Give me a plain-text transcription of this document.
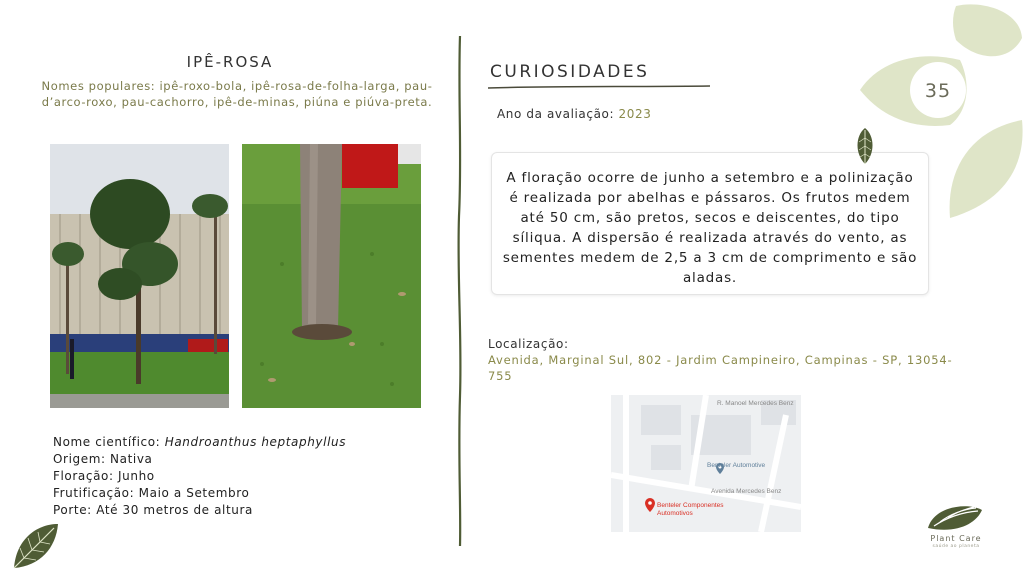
IPÊ-ROSA
Nomes populares: ipê-roxo-bola, ipê-rosa-de-folha-larga, pau-d’arco-roxo, pau-cachorro, ipê-de-minas, piúna e piúva-preta.
Nome científico: Handroanthus heptaphyllus
Origem: Nativa
Floração: Junho
Frutificação: Maio a Setembro
Porte: Até 30 metros de altura
CURIOSIDADES
Ano da avaliação: 2023
A floração ocorre de junho a setembro e a polinização é realizada por abelhas e pássaros. Os frutos medem até 50 cm, são pretos, secos e deiscentes, do tipo síliqua. A dispersão é realizada através do vento, as sementes medem de 2,5 a 3 cm de comprimento e são aladas.
Localização:
Avenida, Marginal Sul, 802 - Jardim Campineiro, Campinas - SP, 13054-755
R. Manoel Mercedes Benz
Avenida Mercedes Benz
Benteler Automotive
Benteler Componentes
Automotivos
35
Plant Care
saúde ao planeta
